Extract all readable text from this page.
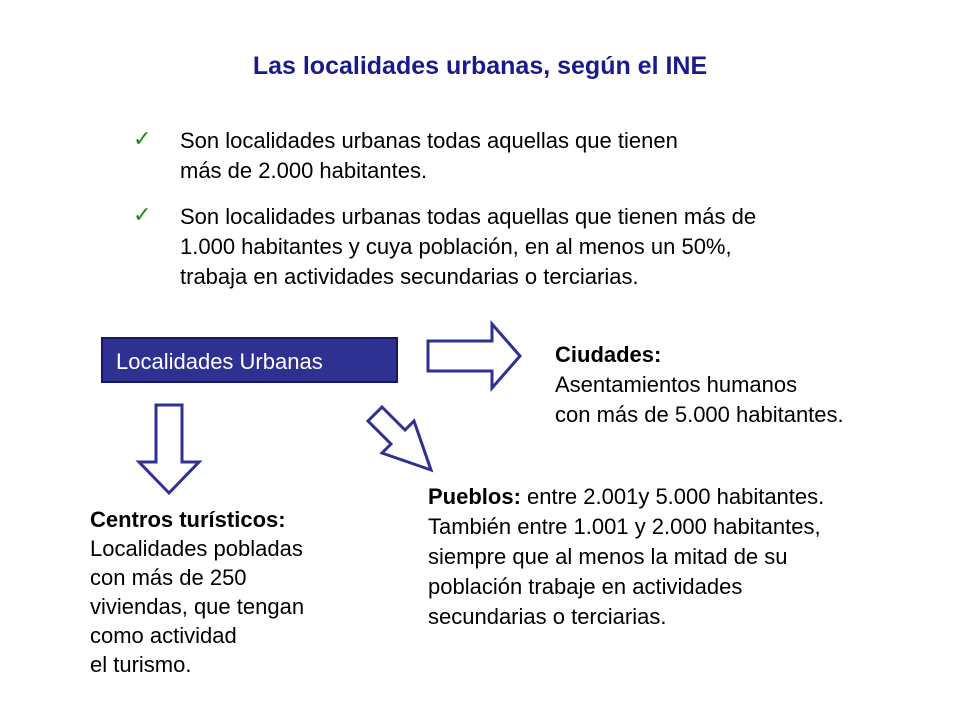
Las localidades urbanas, según el INE
✓ Son localidades urbanas todas aquellas que tienen
más de 2.000 habitantes.
✓ Son localidades urbanas todas aquellas que tienen más de
1.000 habitantes y cuya población, en al menos un 50%,
trabaja en actividades secundarias o terciarias.
Localidades Urbanas	Ciudades:
Asentamientos humanos
con más de 5.000 habitantes.
Pueblos: entre 2.001y 5.000 habitantes.
También entre 1.001 y 2.000 habitantes,
siempre que al menos la mitad de su
población trabaje en actividades
secundarias o terciarias.
Centros turísticos:
Localidades pobladas
con más de 250
viviendas, que tengan
como actividad
el turismo.
